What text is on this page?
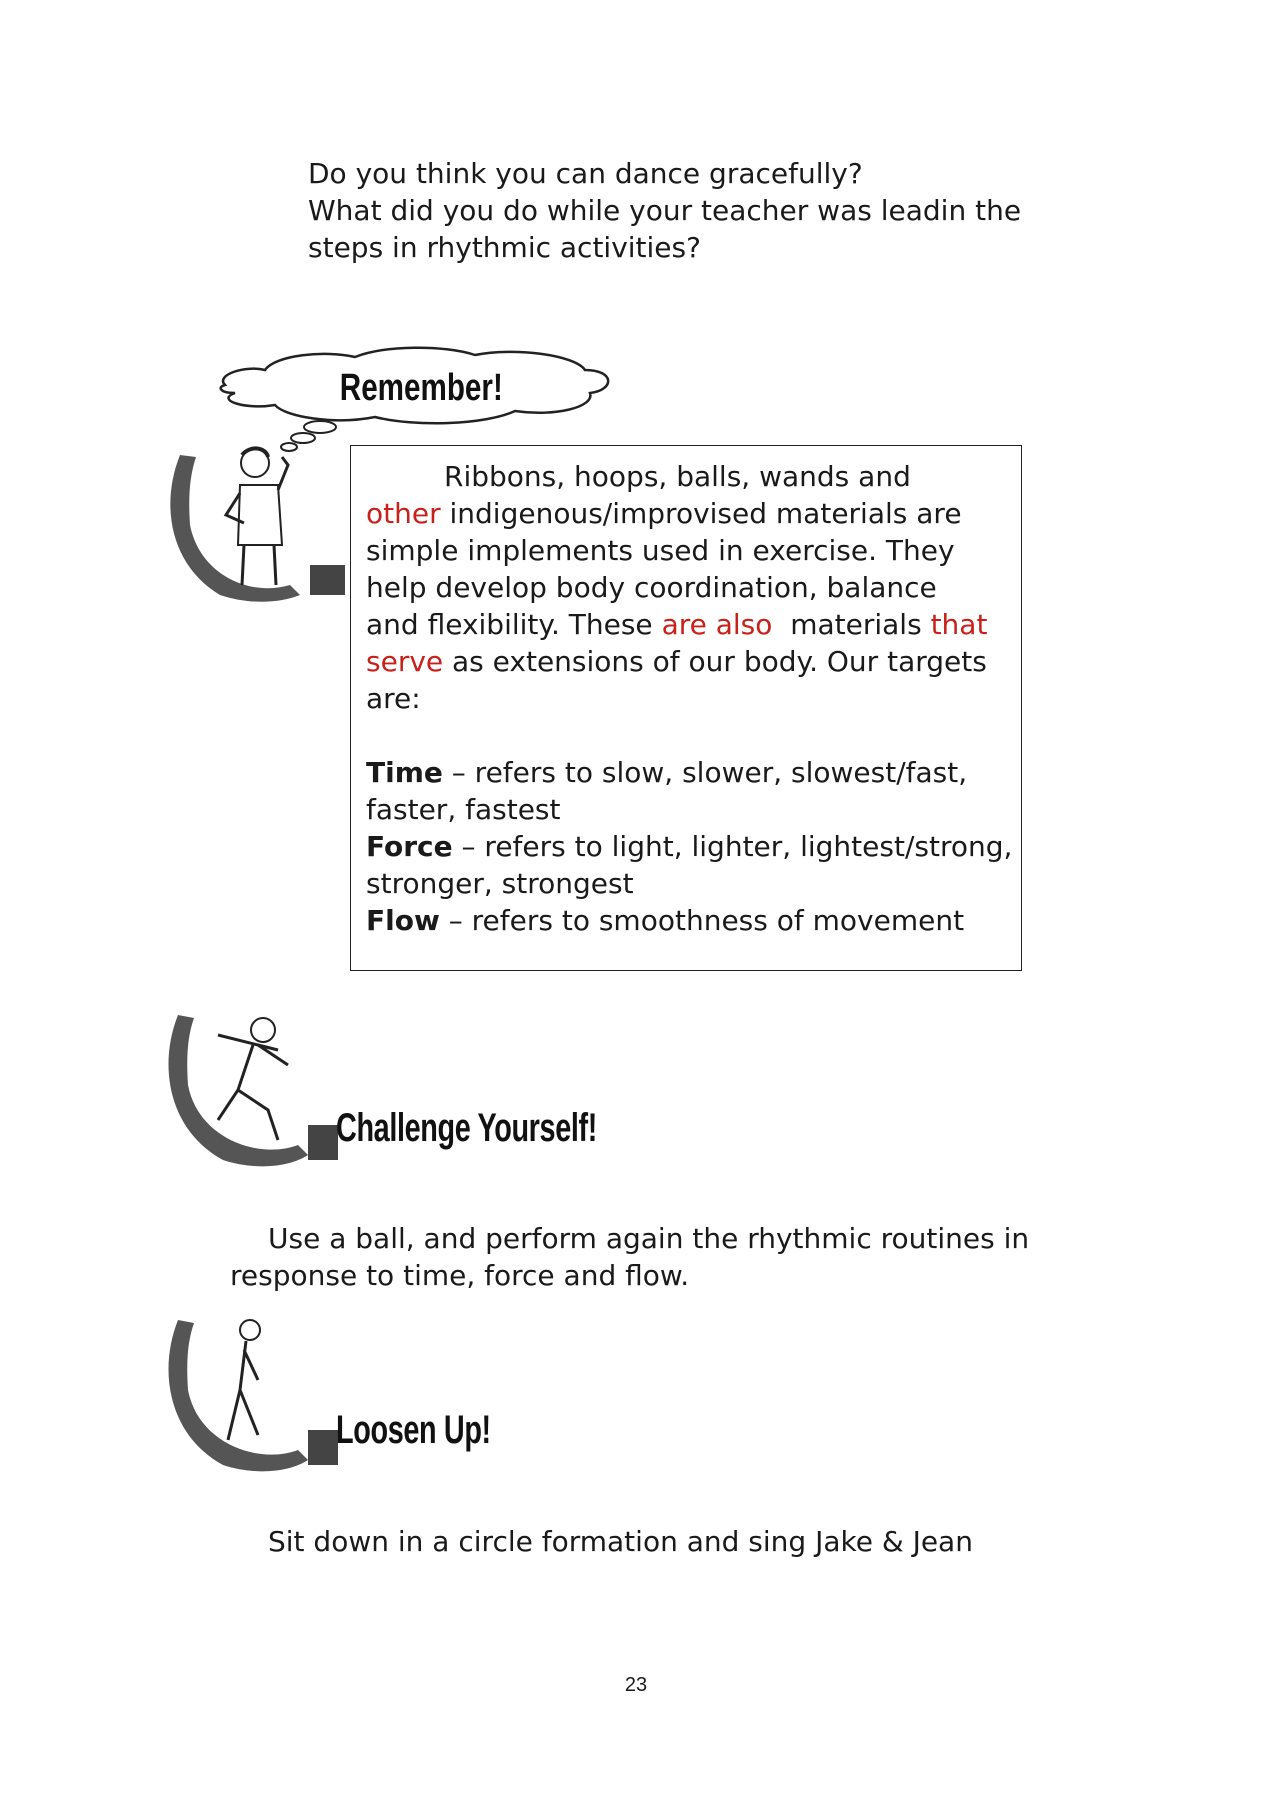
Do you think you can dance gracefully?
What did you do while your teacher was leadin the
steps in rhythmic activities?
Remember!
Ribbons, hoops, balls, wands and
other indigenous/improvised materials are
simple implements used in exercise. They
help develop body coordination, balance
and flexibility. These are also  materials that
serve as extensions of our body. Our targets
are:
Time – refers to slow, slower, slowest/fast,
faster, fastest
Force – refers to light, lighter, lightest/strong,
stronger, strongest
Flow – refers to smoothness of movement
Challenge Yourself!
Use a ball, and perform again the rhythmic routines in
response to time, force and flow.
Loosen Up!
Sit down in a circle formation and sing Jake & Jean
23
